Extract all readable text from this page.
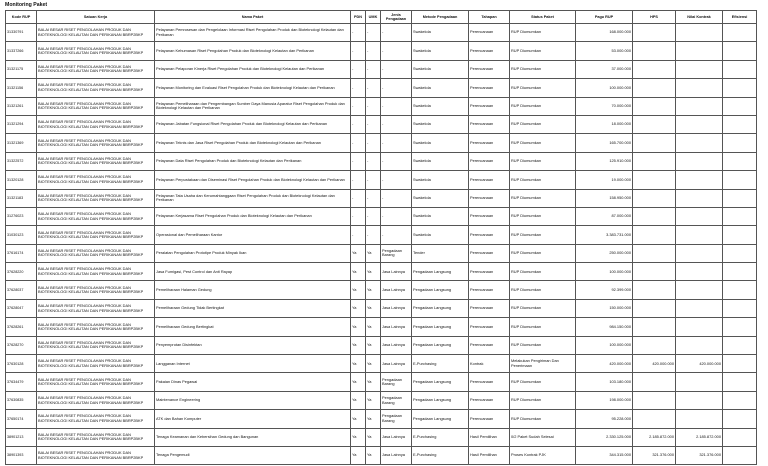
Monitoring Paket
Kode RUP	Satuan Kerja	Nama Paket	PDN	UMK	Jenis Pengadaan	Metode Pengadaan	Tahapan	Status Paket	Pagu RUP	HPS	Nilai Kontrak	Efisiensi
31330791	BALAI BESAR RISET PENGOLAHAN PRODUK DAN BIOTEKNOLOGI KELAUTAN DAN PERIKANAN BBRP2BKP	Pelayanan Pemrosesan dan Pengelolaan Informasi Riset Pengolahan Produk dan Bioteknologi Kelautan dan Perikanan	-	-	-	Swakelola	Perencanaan	RUP Diumumkan	168.000.000			
31337266	BALAI BESAR RISET PENGOLAHAN PRODUK DAN BIOTEKNOLOGI KELAUTAN DAN PERIKANAN BBRP2BKP	Pelayanan Kehumasan Riset Pengolahan Produk dan Bioteknologi Kelautan dan Perikanan	-	-	-	Swakelola	Perencanaan	RUP Diumumkan	53.000.000			
31321175	BALAI BESAR RISET PENGOLAHAN PRODUK DAN BIOTEKNOLOGI KELAUTAN DAN PERIKANAN BBRP2BKP	Pelayanan Pelaporan Kinerja Riset Pengolahan Produk dan Bioteknologi Kelautan dan Perikanan	-	-	-	Swakelola	Perencanaan	RUP Diumumkan	37.000.000			
31321156	BALAI BESAR RISET PENGOLAHAN PRODUK DAN BIOTEKNOLOGI KELAUTAN DAN PERIKANAN BBRP2BKP	Pelayanan Monitoring dan Evaluasi Riset Pengolahan Produk dan Bioteknologi Kelautan dan Perikanan	-	-	-	Swakelola	Perencanaan	RUP Diumumkan	100.000.000			
31321261	BALAI BESAR RISET PENGOLAHAN PRODUK DAN BIOTEKNOLOGI KELAUTAN DAN PERIKANAN BBRP2BKP	Pelayanan Pemeliharaan dan Pengembangan Sumber Daya Manusia Aparatur Riset Pengolahan Produk dan Bioteknologi Kelautan dan Perikanan	-	-	-	Swakelola	Perencanaan	RUP Diumumkan	70.000.000			
31321294	BALAI BESAR RISET PENGOLAHAN PRODUK DAN BIOTEKNOLOGI KELAUTAN DAN PERIKANAN BBRP2BKP	Pelayanan Jabatan Fungsional Riset Pengolahan Produk dan Bioteknologi Kelautan dan Perikanan	-	-	-	Swakelola	Perencanaan	RUP Diumumkan	18.000.000			
31321369	BALAI BESAR RISET PENGOLAHAN PRODUK DAN BIOTEKNOLOGI KELAUTAN DAN PERIKANAN BBRP2BKP	Pelayanan Teknis dan Jasa Riset Pengolahan Produk dan Bioteknologi Kelautan dan Perikanan	-	-	-	Swakelola	Perencanaan	RUP Diumumkan	165.700.000			
31322572	BALAI BESAR RISET PENGOLAHAN PRODUK DAN BIOTEKNOLOGI KELAUTAN DAN PERIKANAN BBRP2BKP	Pelayanan Data Riset Pengolahan Produk dan Bioteknologi Kelautan dan Perikanan	-	-	-	Swakelola	Perencanaan	RUP Diumumkan	125.910.000			
31320128	BALAI BESAR RISET PENGOLAHAN PRODUK DAN BIOTEKNOLOGI KELAUTAN DAN PERIKANAN BBRP2BKP	Pelayanan Perpustakaan dan Diseminasi Riset Pengolahan Produk dan Bioteknologi Kelautan dan Perikanan	-	-	-	Swakelola	Perencanaan	RUP Diumumkan	19.000.000			
31321183	BALAI BESAR RISET PENGOLAHAN PRODUK DAN BIOTEKNOLOGI KELAUTAN DAN PERIKANAN BBRP2BKP	Pelayanan Tata Usaha dan Kerumahtanggaan Riset Pengolahan Produk dan Bioteknologi Kelautan dan Perikanan	-	-	-	Swakelola	Perencanaan	RUP Diumumkan	158.950.000			
31276023	BALAI BESAR RISET PENGOLAHAN PRODUK DAN BIOTEKNOLOGI KELAUTAN DAN PERIKANAN BBRP2BKP	Pelayanan Kerjasama Riset Pengolahan Produk dan Bioteknologi Kelautan dan Perikanan	-	-	-	Swakelola	Perencanaan	RUP Diumumkan	87.000.000			
31030123	BALAI BESAR RISET PENGOLAHAN PRODUK DAN BIOTEKNOLOGI KELAUTAN DAN PERIKANAN BBRP2BKP	Operasional dan Pemeliharaan Kantor	-	-	-	Swakelola	Perencanaan	RUP Diumumkan	3.383.731.000			
37616174	BALAI BESAR RISET PENGOLAHAN PRODUK DAN BIOTEKNOLOGI KELAUTAN DAN PERIKANAN BBRP2BKP	Peralatan Pengolahan Prototipe Produk Minyak Ikan	Ya	Ya	Pengadaan Barang	Tender	Perencanaan	RUP Diumumkan	250.000.000			
37628220	BALAI BESAR RISET PENGOLAHAN PRODUK DAN BIOTEKNOLOGI KELAUTAN DAN PERIKANAN BBRP2BKP	Jasa Fumigasi, Pest Control dan Anti Rayap	Ya	Ya	Jasa Lainnya	Pengadaan Langsung	Perencanaan	RUP Diumumkan	100.000.000			
37628037	BALAI BESAR RISET PENGOLAHAN PRODUK DAN BIOTEKNOLOGI KELAUTAN DAN PERIKANAN BBRP2BKP	Pemeliharaan Halaman Gedung	Ya	Ya	Jasa Lainnya	Pengadaan Langsung	Perencanaan	RUP Diumumkan	92.399.000			
37628047	BALAI BESAR RISET PENGOLAHAN PRODUK DAN BIOTEKNOLOGI KELAUTAN DAN PERIKANAN BBRP2BKP	Pemeliharaan Gedung Tidak Bertingkat	Ya	Ya	Jasa Lainnya	Pengadaan Langsung	Perencanaan	RUP Diumumkan	150.000.000			
37628261	BALAI BESAR RISET PENGOLAHAN PRODUK DAN BIOTEKNOLOGI KELAUTAN DAN PERIKANAN BBRP2BKP	Pemeliharaan Gedung Bertingkat	Ya	Ya	Jasa Lainnya	Pengadaan Langsung	Perencanaan	RUP Diumumkan	984.150.000			
37628270	BALAI BESAR RISET PENGOLAHAN PRODUK DAN BIOTEKNOLOGI KELAUTAN DAN PERIKANAN BBRP2BKP	Penyemprotan Disinfektan	Ya	Ya	Jasa Lainnya	Pengadaan Langsung	Perencanaan	RUP Diumumkan	100.000.000			
37630128	BALAI BESAR RISET PENGOLAHAN PRODUK DAN BIOTEKNOLOGI KELAUTAN DAN PERIKANAN BBRP2BKP	Langganan Internet	Ya	Ya	Jasa Lainnya	E-Purchasing	Kontrak	Melakukan Pengiriman Dan Penerimaan	420.000.000	420.000.000	420.000.000	
37634479	BALAI BESAR RISET PENGOLAHAN PRODUK DAN BIOTEKNOLOGI KELAUTAN DAN PERIKANAN BBRP2BKP	Pakaian Dinas Pegawai	Ya	Ya	Pengadaan Barang	Pengadaan Langsung	Perencanaan	RUP Diumumkan	103.180.000			
37630835	BALAI BESAR RISET PENGOLAHAN PRODUK DAN BIOTEKNOLOGI KELAUTAN DAN PERIKANAN BBRP2BKP	Maintenance Engineering	Ya	Ya	Pengadaan Barang	Pengadaan Langsung	Perencanaan	RUP Diumumkan	198.000.000			
37650174	BALAI BESAR RISET PENGOLAHAN PRODUK DAN BIOTEKNOLOGI KELAUTAN DAN PERIKANAN BBRP2BKP	ATK dan Bahan Komputer	Ya	Ya	Pengadaan Barang	Pengadaan Langsung	Perencanaan	RUP Diumumkan	95.228.000			
38901213	BALAI BESAR RISET PENGOLAHAN PRODUK DAN BIOTEKNOLOGI KELAUTAN DAN PERIKANAN BBRP2BKP	Tenaga Keamanan dan Kebersihan Gedung dan Bangunan	Ya	Ya	Jasa Lainnya	E-Purchasing	Hasil Pemilihan	0/2 Paket Sudah Selesai	2.330.125.000	2.185.872.000	2.185.872.000	
38901393	BALAI BESAR RISET PENGOLAHAN PRODUK DAN BIOTEKNOLOGI KELAUTAN DAN PERIKANAN BBRP2BKP	Tenaga Pengemudi	Ya	Ya	Jasa Lainnya	E-Purchasing	Hasil Pemilihan	Proses Kontrak PJK	344.315.000	321.376.000	321.376.000	
